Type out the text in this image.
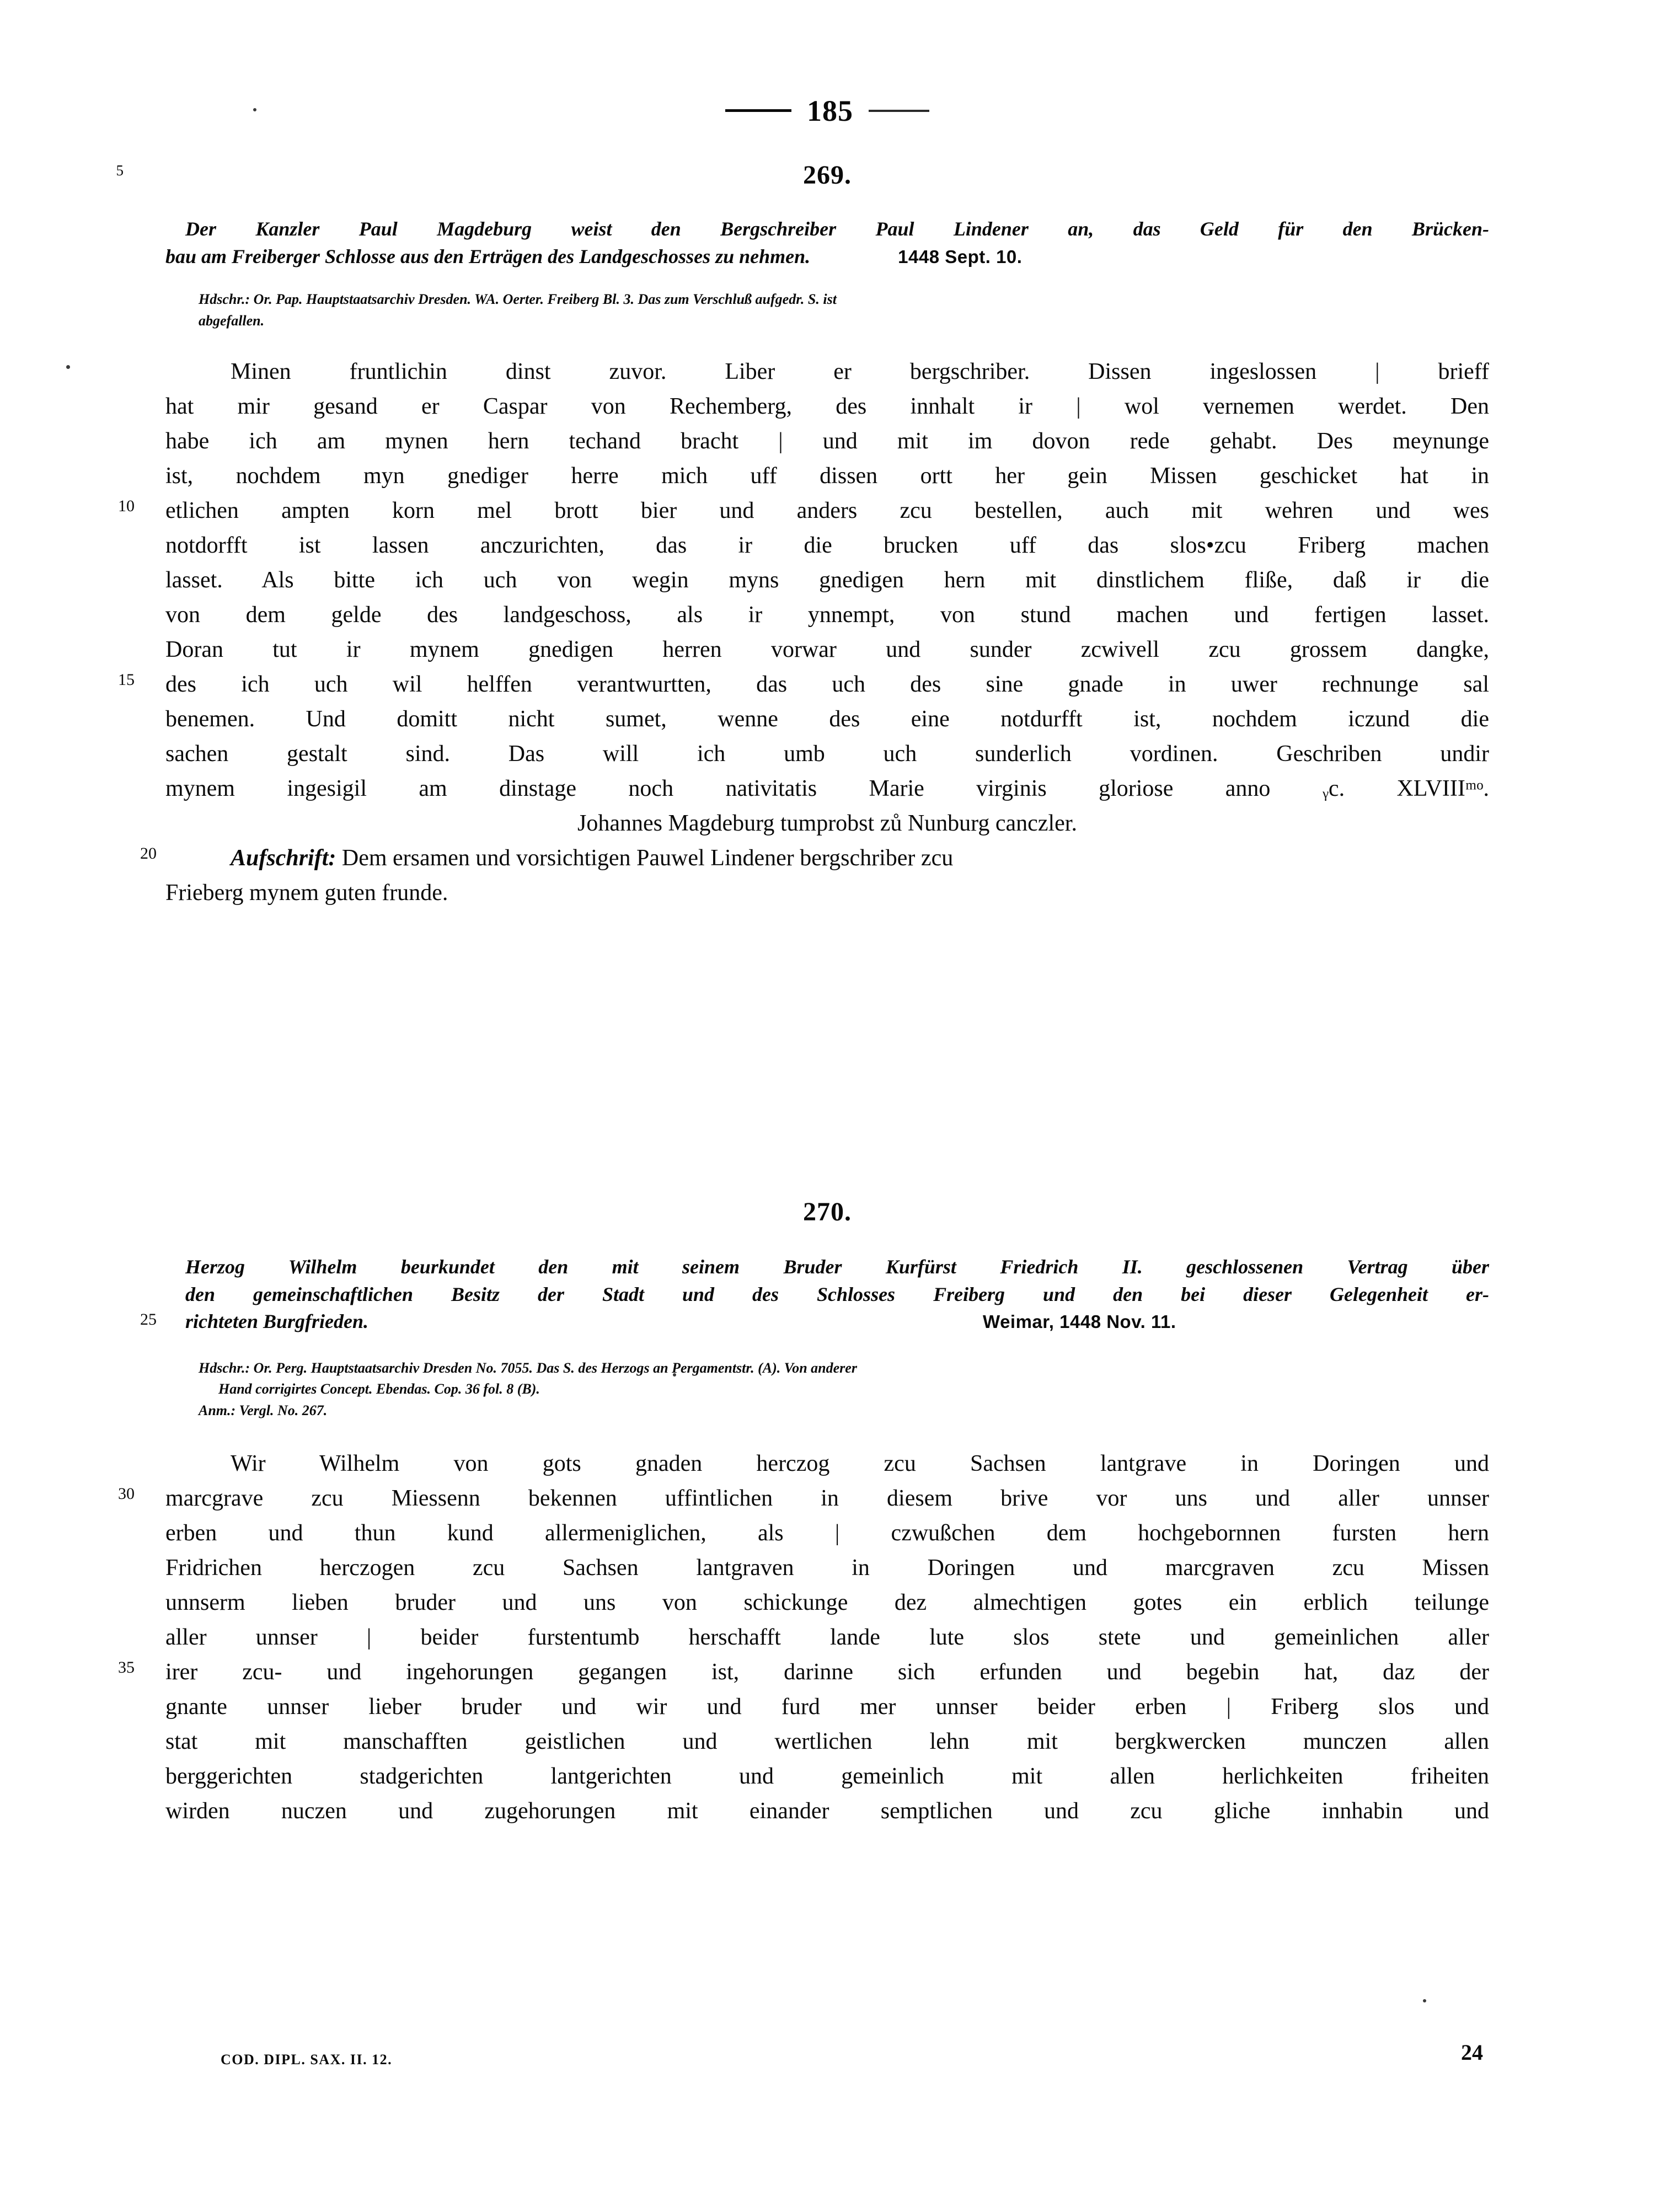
185
269.
Der Kanzler Paul Magdeburg weist den Bergschreiber Paul Lindener an, das Geld für den Brücken-
bau am Freiberger Schlosse aus den Erträgen des Landgeschosses zu nehmen.	1448 Sept. 10.
Hdschr.: Or. Pap. Hauptstaatsarchiv Dresden. WA. Oerter. Freiberg Bl. 3. Das zum Verschluß aufgedr. S. ist
5
abgefallen.
Minen fruntlichin dinst zuvor. Liber er bergschriber. Dissen ingeslossen | brieff
hat mir gesand er Caspar von Rechemberg, des innhalt ir | wol vernemen werdet. Den
habe ich am mynen hern techand bracht | und mit im dovon rede gehabt. Des meynunge
ist, nochdem myn gnediger herre mich uff dissen ortt her gein Missen geschicket hat in
10	etlichen ampten korn mel brott bier und anders zcu bestellen, auch mit wehren und wes
notdorfft ist lassen anczurichten, das ir die brucken uff das slos•zcu Friberg machen
lasset. Als bitte ich uch von wegin myns gnedigen hern mit dinstlichem fliße, daß ir die
von dem gelde des landgeschoss, als ir ynnempt, von stund machen und fertigen lasset.
Doran tut ir mynem gnedigen herren vorwar und sunder zcwivell zcu grossem dangke,
15	des ich uch wil helffen verantwurtten, das uch des sine gnade in uwer rechnunge sal
benemen. Und domitt nicht sumet, wenne des eine notdurfft ist, nochdem iczund die
sachen gestalt sind. Das will ich umb uch sunderlich vordinen. Geschriben undir
mynem ingesigil am dinstage noch nativitatis Marie virginis gloriose anno ᵧc. XLVIIIᵐᵒ.
Johannes Magdeburg tumprobst zů Nunburg canczler.
20	Aufschrift: Dem ersamen und vorsichtigen Pauwel Lindener bergschriber zcu
Frieberg mynem guten frunde.
270.
Herzog Wilhelm beurkundet den mit seinem Bruder Kurfürst Friedrich II. geschlossenen Vertrag über
den gemeinschaftlichen Besitz der Stadt und des Schlosses Freiberg und den bei dieser Gelegenheit er-
25 richteten Burgfrieden.	Weimar, 1448 Nov. 11.
Hdschr.: Or. Perg. Hauptstaatsarchiv Dresden No. 7055. Das S. des Herzogs an Pergamentstr. (A). Von anderer
Hand corrigirtes Concept. Ebendas. Cop. 36 fol. 8 (B).
Anm.: Vergl. No. 267.
Wir Wilhelm von gots gnaden herczog zcu Sachsen lantgrave in Doringen und
30	marcgrave zcu Miessenn bekennen uffintlichen in diesem brive vor uns und aller unnser
erben und thun kund allermeniglichen, als | czwußchen dem hochgebornnen fursten hern
Fridrichen herczogen zcu Sachsen lantgraven in Doringen und marcgraven zcu Missen
unnserm lieben bruder und uns von schickunge dez almechtigen gotes ein erblich teilunge
aller unnser | beider furstentumb herschafft lande lute slos stete und gemeinlichen aller
35	irer zcu- und ingehorungen gegangen ist, darinne sich erfunden und begebin hat, daz der
gnante unnser lieber bruder und wir und furd mer unnser beider erben | Friberg slos und
stat mit manschafften geistlichen und wertlichen lehn mit bergkwercken munczen allen
berggerichten stadgerichten lantgerichten und gemeinlich mit allen herlichkeiten friheiten
wirden nuczen und zugehorungen mit einander semptlichen und zcu gliche innhabin und
COD. DIPL. SAX. II. 12.	24
